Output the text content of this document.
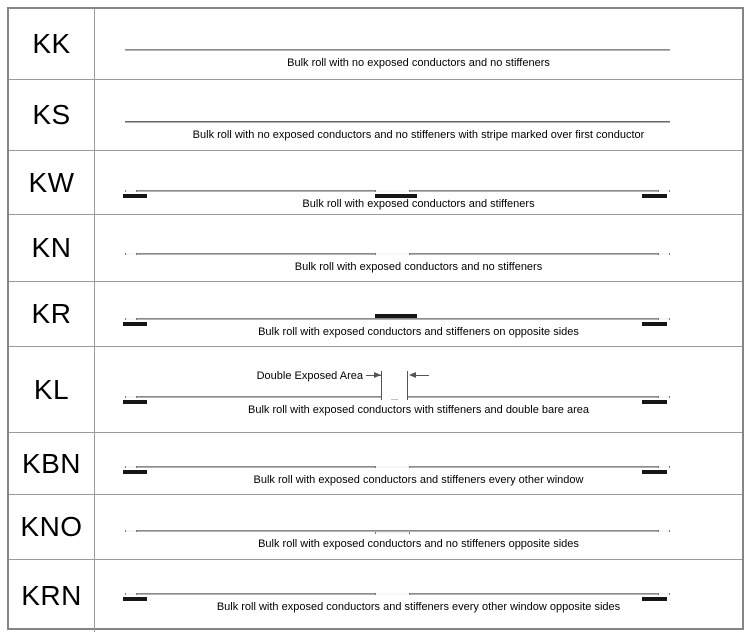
KK
Bulk roll with no exposed conductors and no stiffeners
KS
Bulk roll with no exposed conductors and no stiffeners with stripe marked over first conductor
KW
Bulk roll with exposed conductors and stiffeners
KN
Bulk roll with exposed conductors and no stiffeners
KR
Bulk roll with exposed conductors and stiffeners on opposite sides
KL	Double Exposed Area
Bulk roll with exposed conductors with stiffeners and double bare area
KBN
Bulk roll with exposed conductors and stiffeners every other window
KNO
Bulk roll with exposed conductors and no stiffeners opposite sides
KRN	Bulk roll with exposed conductors and stiffeners every other window opposite sides
